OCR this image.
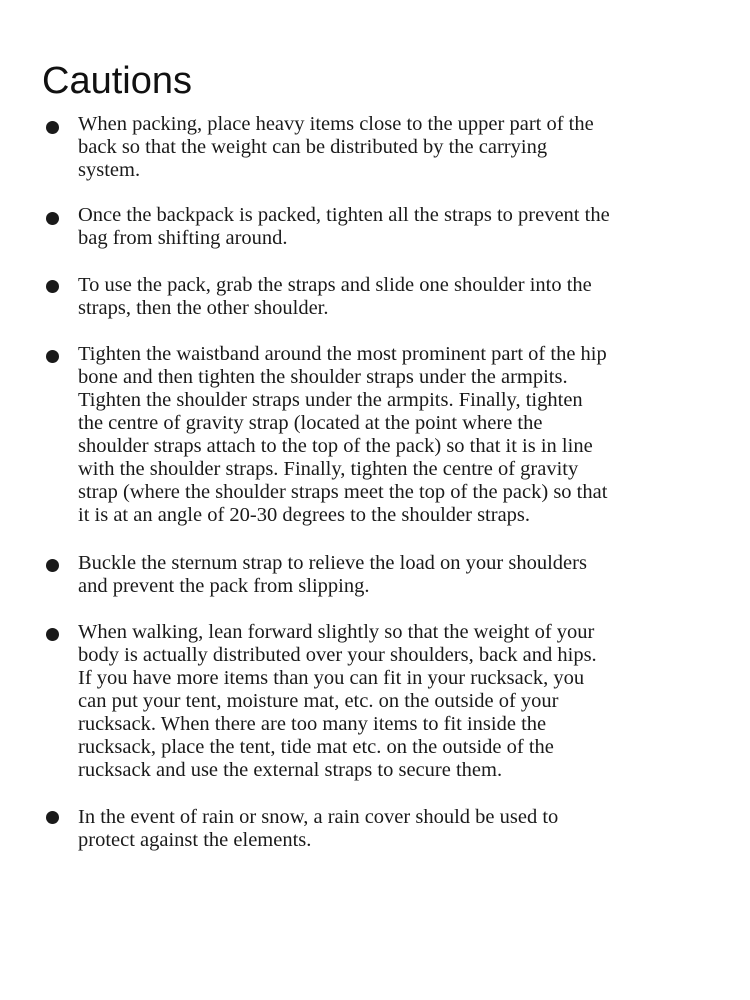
Cautions

When packing, place heavy items close to the upper part of the
back so that the weight can be distributed by the carrying
system.

Once the backpack is packed, tighten all the straps to prevent the
bag from shifting around.

To use the pack, grab the straps and slide one shoulder into the
straps, then the other shoulder.

Tighten the waistband around the most prominent part of the hip
bone and then tighten the shoulder straps under the armpits.
Tighten the shoulder straps under the armpits. Finally, tighten
the centre of gravity strap (located at the point where the
shoulder straps attach to the top of the pack) so that it is in line
with the shoulder straps. Finally, tighten the centre of gravity
strap (where the shoulder straps meet the top of the pack) so that
it is at an angle of 20-30 degrees to the shoulder straps.

Buckle the sternum strap to relieve the load on your shoulders
and prevent the pack from slipping.

When walking, lean forward slightly so that the weight of your
body is actually distributed over your shoulders, back and hips.
If you have more items than you can fit in your rucksack, you
can put your tent, moisture mat, etc. on the outside of your
rucksack. When there are too many items to fit inside the
rucksack, place the tent, tide mat etc. on the outside of the
rucksack and use the external straps to secure them.

In the event of rain or snow, a rain cover should be used to
protect against the elements.
